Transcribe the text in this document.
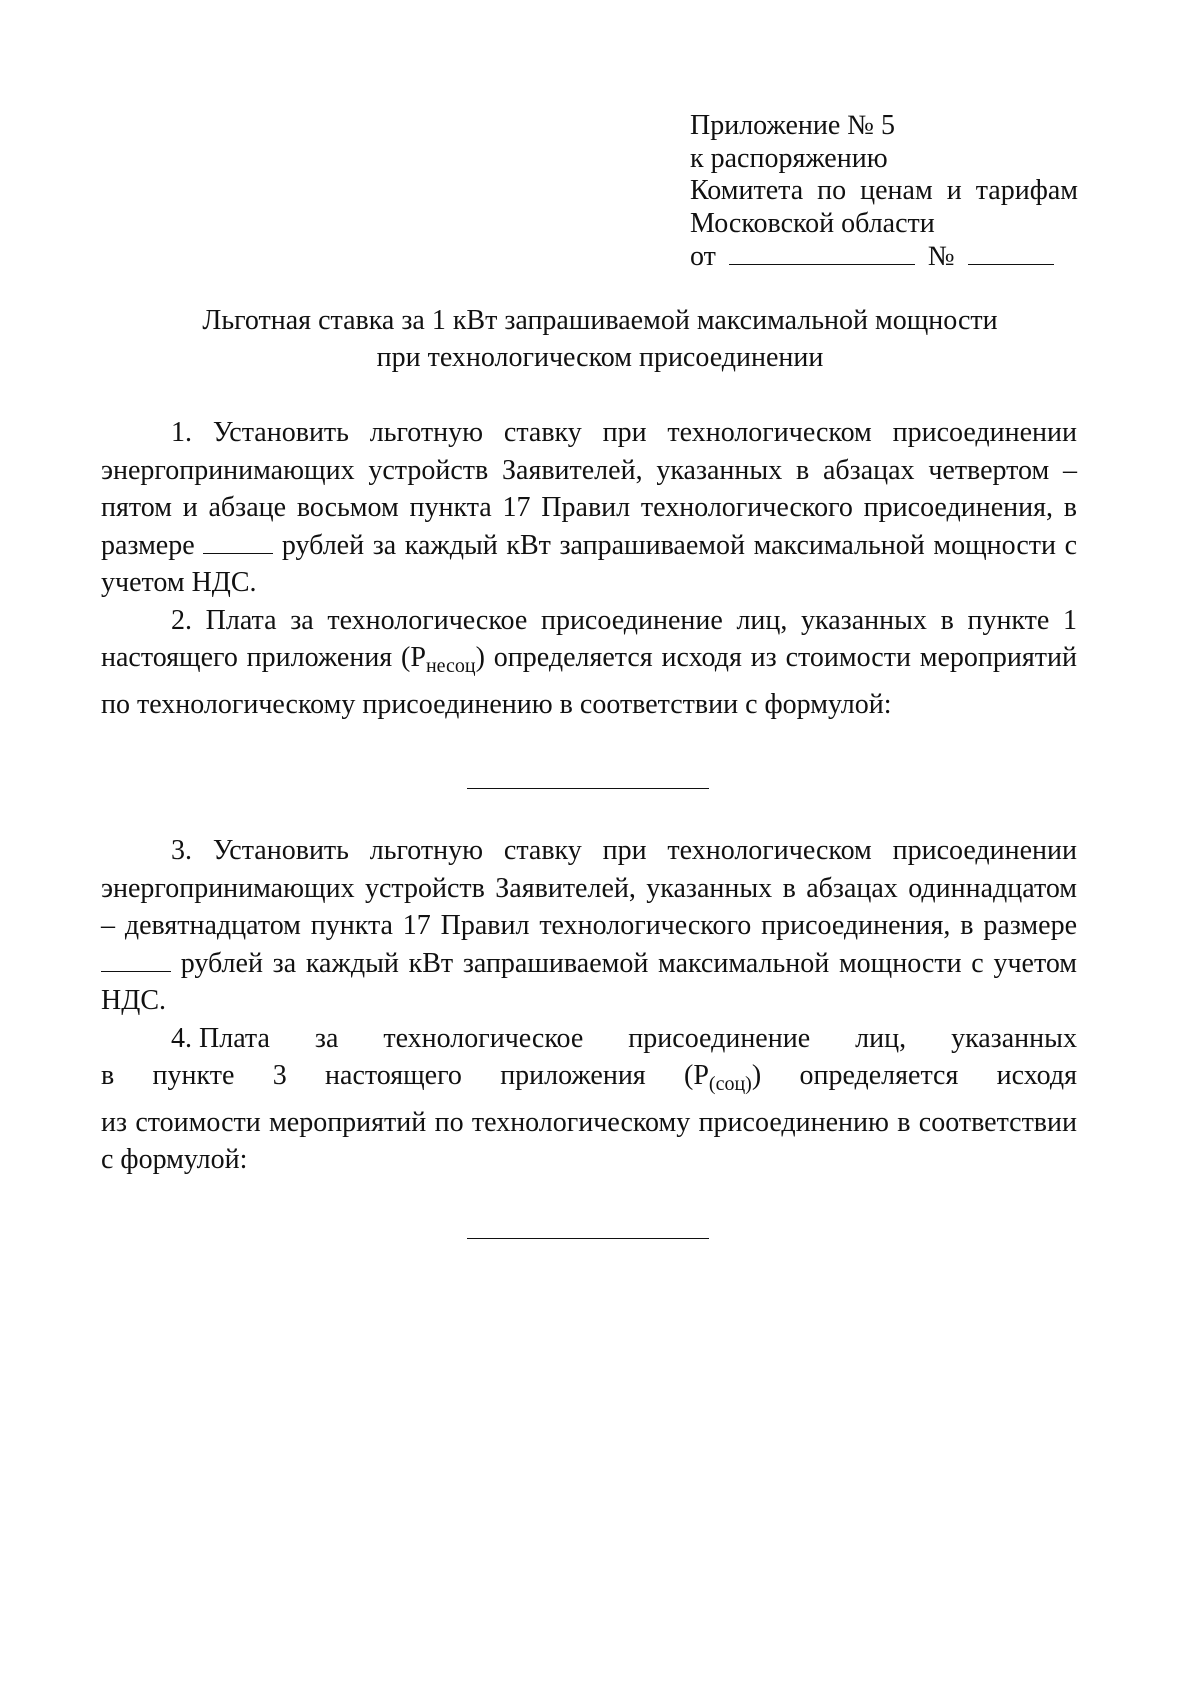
Приложение № 5
к распоряжению
Комитета по ценам и тарифам
Московской области
от	№
Льготная ставка за 1 кВт запрашиваемой максимальной мощности
при технологическом присоединении

1. Установить льготную ставку при технологическом присоединении энергопринимающих устройств Заявителей, указанных в абзацах четвертом – пятом и абзаце восьмом пункта 17 Правил технологического присоединения, в размере	рублей за каждый кВт запрашиваемой максимальной мощности с учетом НДС.

2. Плата за технологическое присоединение лиц, указанных в пункте 1 настоящего приложения $(P_{несоц})$ определяется исходя из стоимости мероприятий по технологическому присоединению в соответствии с формулой:

3. Установить льготную ставку при технологическом присоединении энергопринимающих устройств Заявителей, указанных в абзацах одиннадцатом – девятнадцатом пункта 17 Правил технологического присоединения, в размере  рублей за каждый кВт запрашиваемой максимальной мощности с учетом НДС.

4. Плата за технологическое присоединение лиц, указанных
в пункте 3 настоящего приложения $(P_{(соц)})$ определяется исходя

из стоимости мероприятий по технологическому присоединению в соответствии с формулой:
